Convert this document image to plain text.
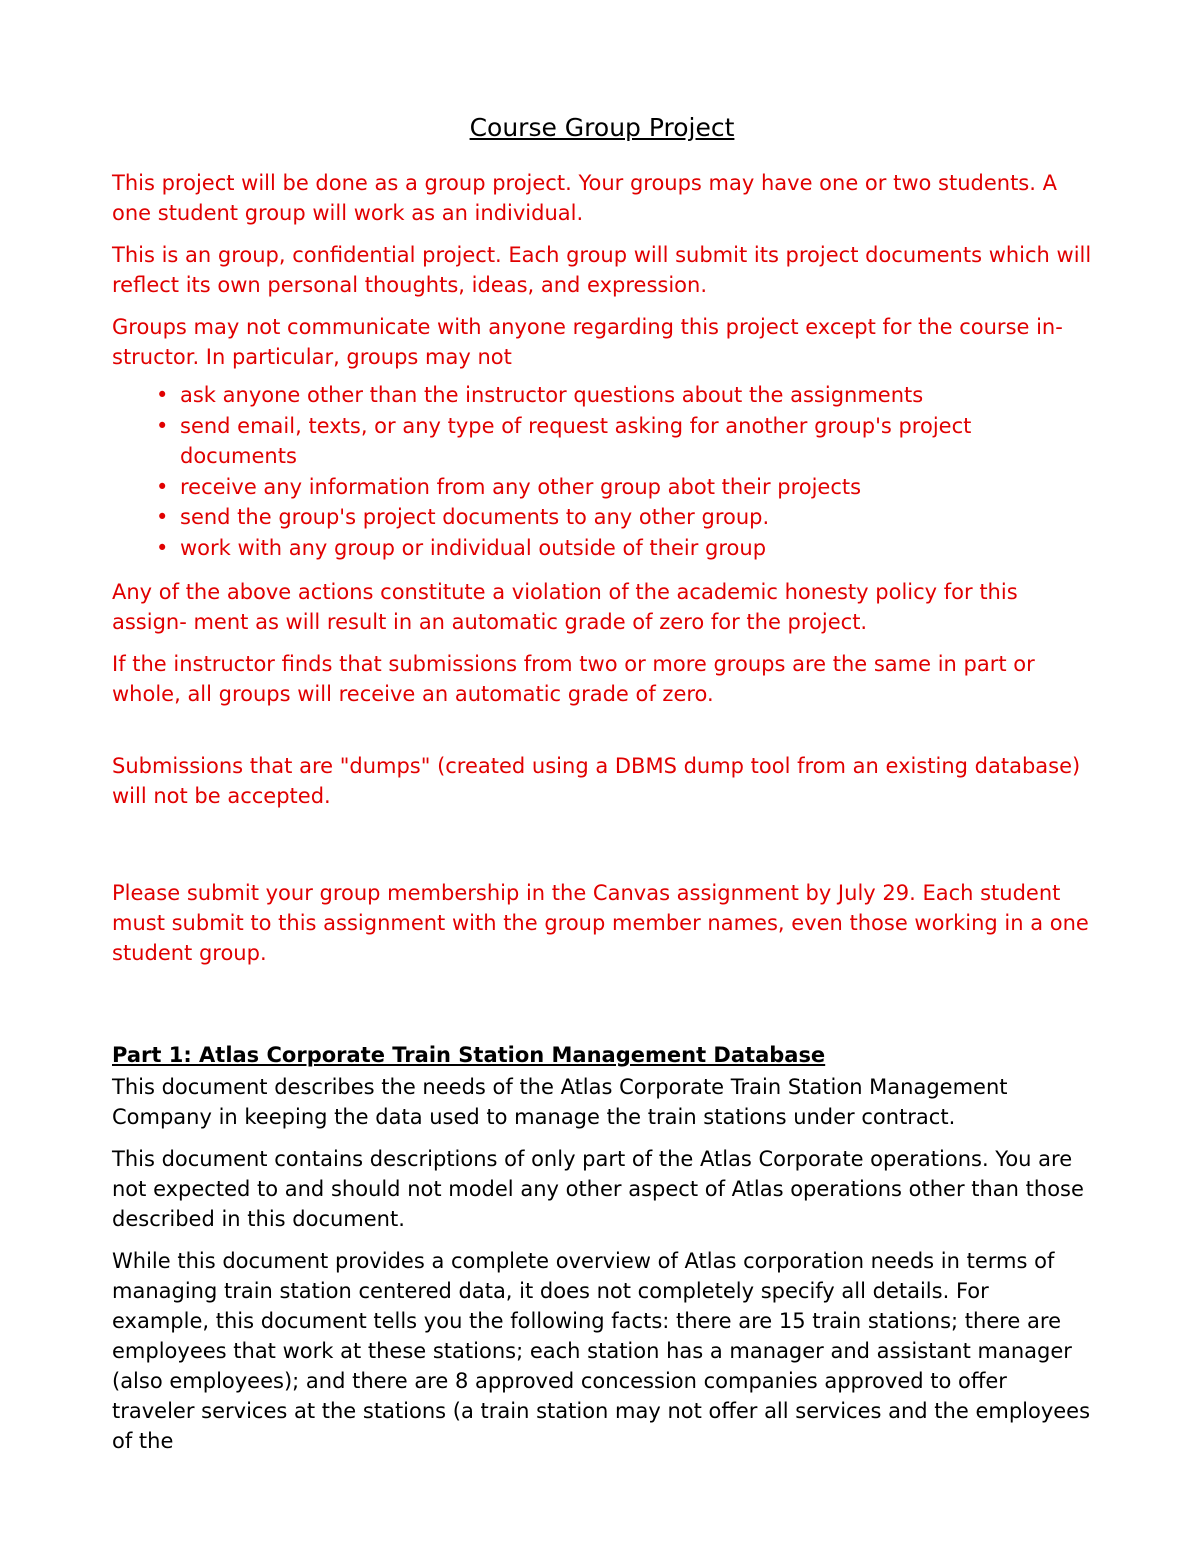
Course Group Project

This project will be done as a group project. Your groups may have one or two students. A one student group will work as an individual.

This is an group, confidential project. Each group will submit its project documents which will reflect its own personal thoughts, ideas, and expression.

Groups may not communicate with anyone regarding this project except for the course in- structor. In particular, groups may not

• ask anyone other than the instructor questions about the assignments
• send email, texts, or any type of request asking for another group's project documents
• receive any information from any other group abot their projects
• send the group's project documents to any other group.
• work with any group or individual outside of their group

Any of the above actions constitute a violation of the academic honesty policy for this assign- ment as will result in an automatic grade of zero for the project.

If the instructor finds that submissions from two or more groups are the same in part or whole, all groups will receive an automatic grade of zero.

Submissions that are "dumps" (created using a DBMS dump tool from an existing database) will not be accepted.

Please submit your group membership in the Canvas assignment by July 29. Each student must submit to this assignment with the group member names, even those working in a one student group.

Part 1: Atlas Corporate Train Station Management Database

This document describes the needs of the Atlas Corporate Train Station Management Company in keeping the data used to manage the train stations under contract.

This document contains descriptions of only part of the Atlas Corporate operations. You are not expected to and should not model any other aspect of Atlas operations other than those described in this document.

While this document provides a complete overview of Atlas corporation needs in terms of managing train station centered data, it does not completely specify all details. For example, this document tells you the following facts: there are 15 train stations; there are employees that work at these stations; each station has a manager and assistant manager (also employees); and there are 8 approved concession companies approved to offer traveler services at the stations (a train station may not offer all services and the employees of the
